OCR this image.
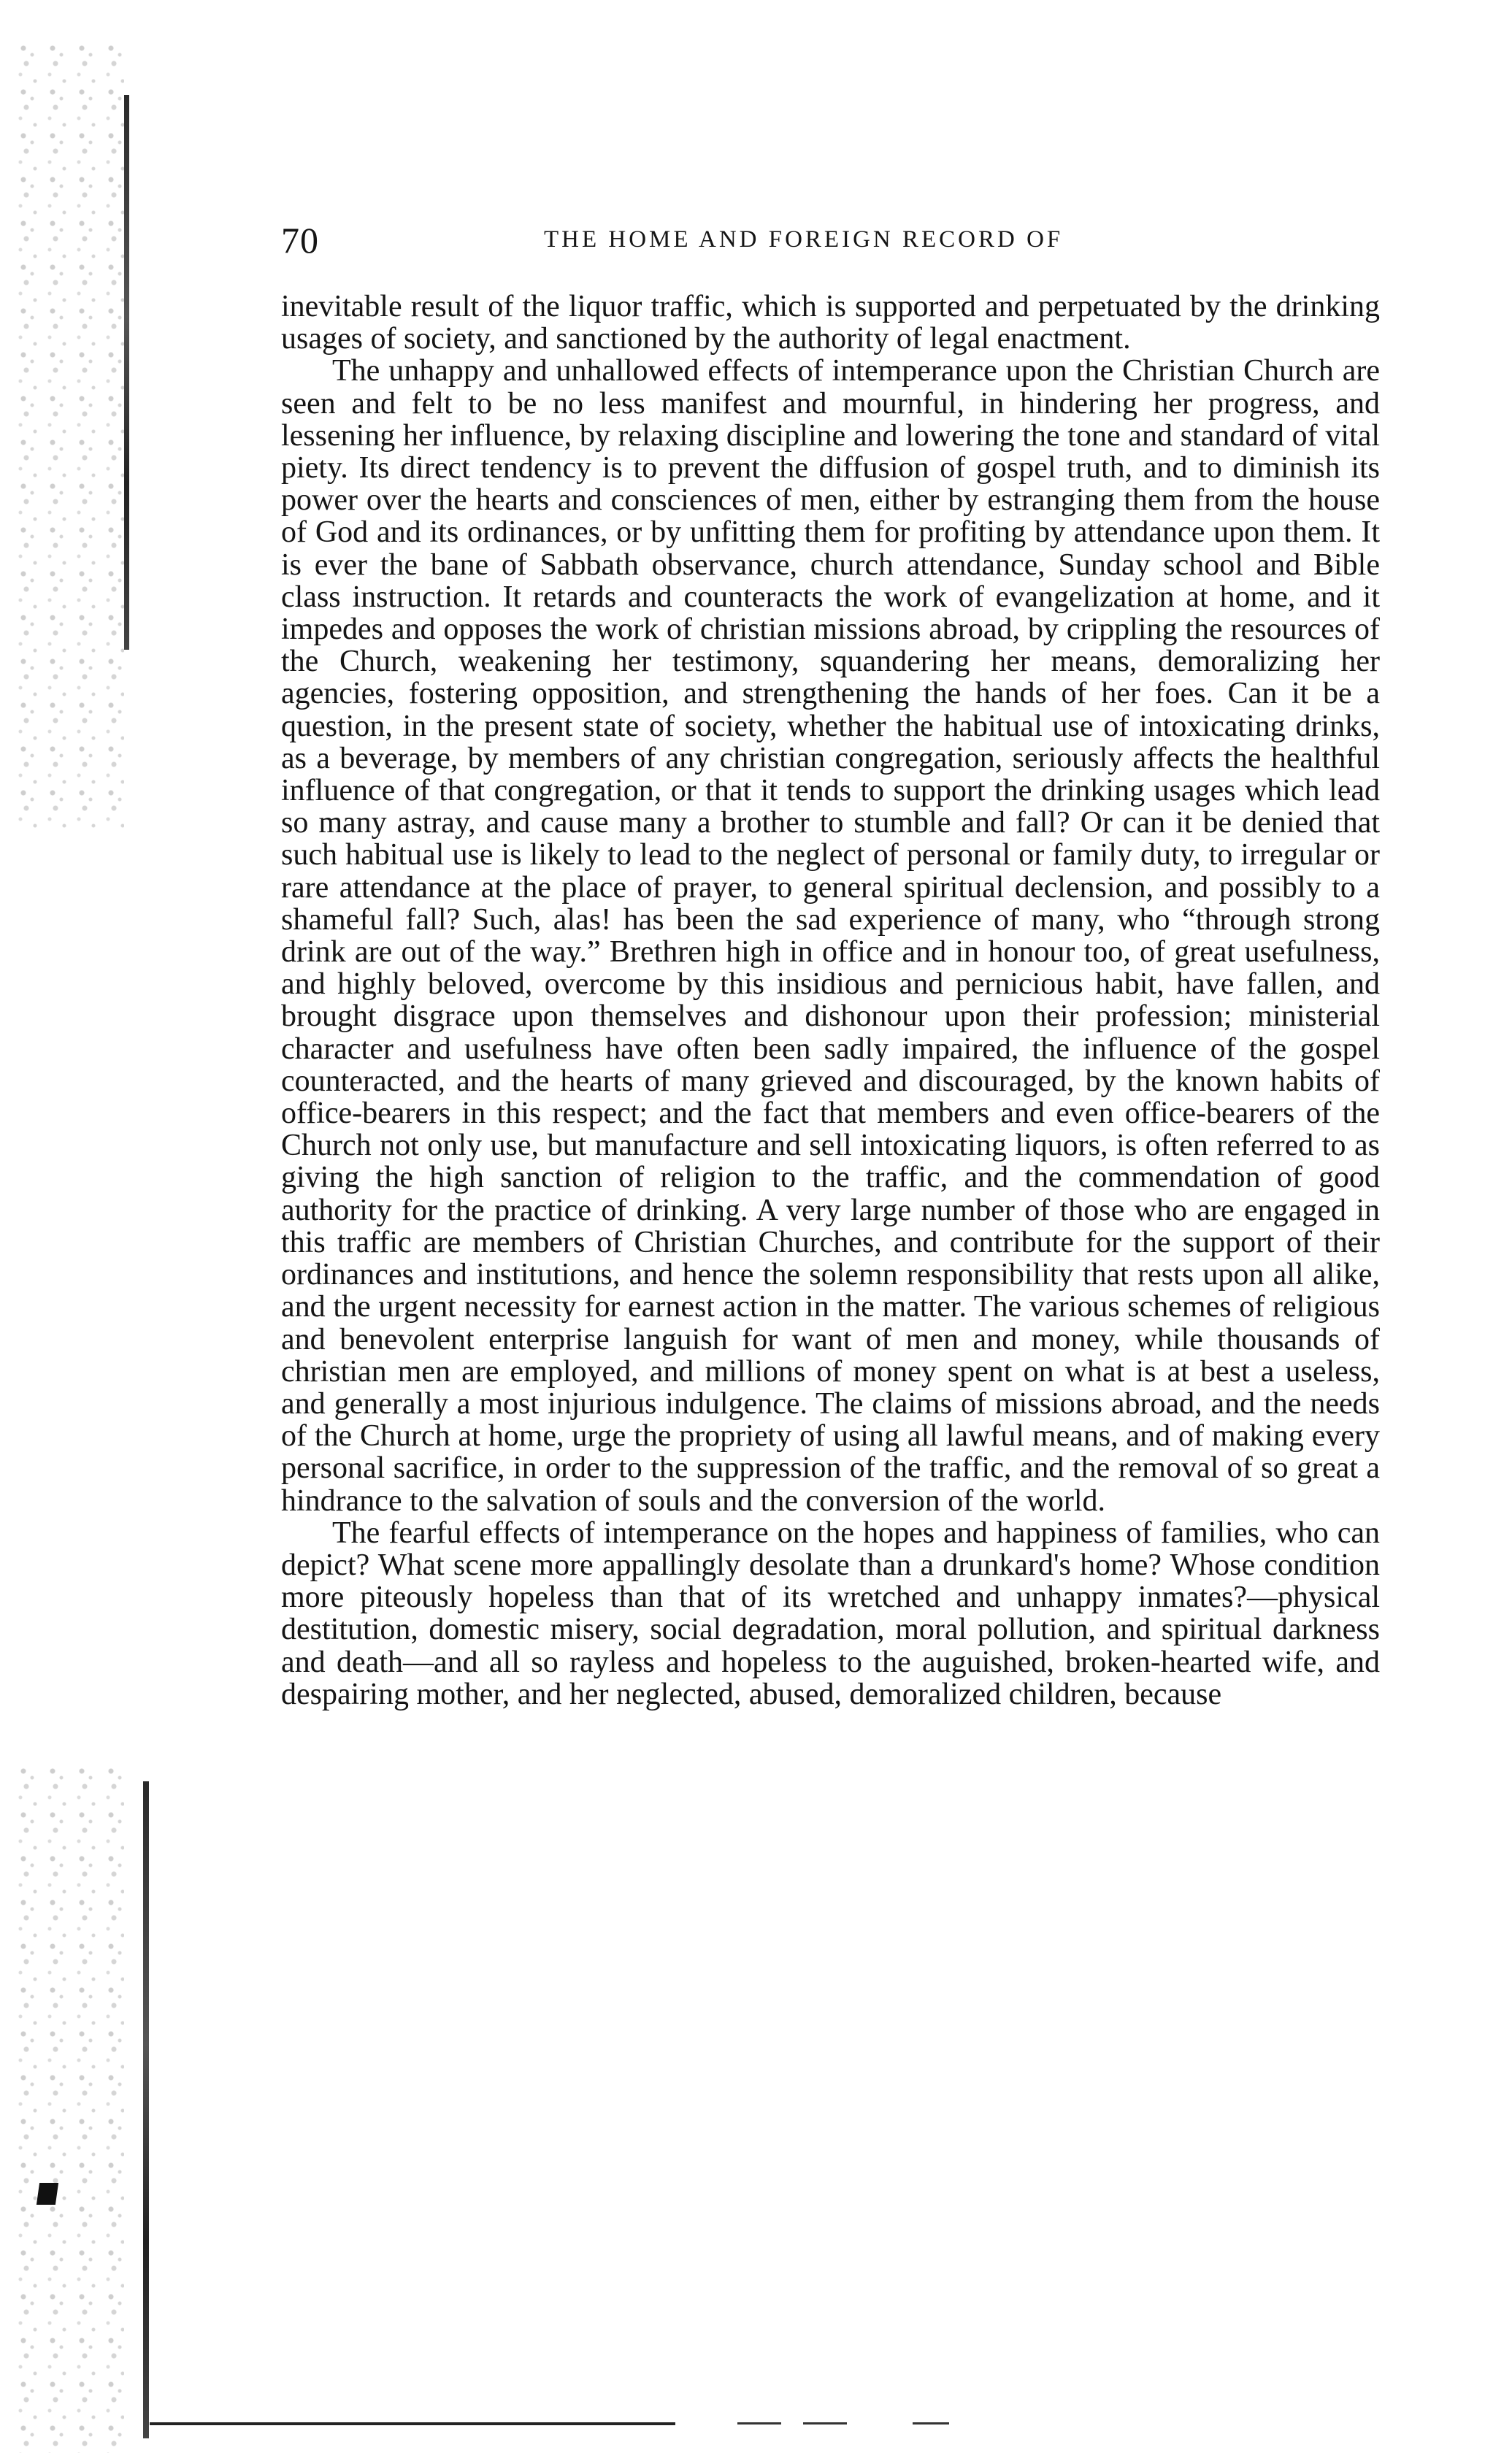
70	THE HOME AND FOREIGN RECORD OF

inevitable result of the liquor traffic, which is supported and perpetuated by the drinking usages of society, and sanctioned by the authority of legal enactment.

The unhappy and unhallowed effects of intemperance upon the Christian Church are seen and felt to be no less manifest and mournful, in hindering her progress, and lessening her influence, by relaxing discipline and lowering the tone and standard of vital piety. Its direct tendency is to prevent the diffusion of gospel truth, and to diminish its power over the hearts and consciences of men, either by estranging them from the house of God and its ordinances, or by unfitting them for profiting by attendance upon them. It is ever the bane of Sabbath observance, church attendance, Sunday school and Bible class instruction. It retards and counteracts the work of evangelization at home, and it impedes and opposes the work of christian missions abroad, by crippling the resources of the Church, weakening her testimony, squandering her means, demoralizing her agencies, fostering opposition, and strengthening the hands of her foes. Can it be a question, in the present state of society, whether the habitual use of intoxicating drinks, as a beverage, by members of any christian congregation, seriously affects the healthful influence of that congregation, or that it tends to support the drinking usages which lead so many astray, and cause many a brother to stumble and fall? Or can it be denied that such habitual use is likely to lead to the neglect of personal or family duty, to irregular or rare attendance at the place of prayer, to general spiritual declension, and possibly to a shameful fall? Such, alas! has been the sad experience of many, who “through strong drink are out of the way.” Brethren high in office and in honour too, of great usefulness, and highly beloved, overcome by this insidious and pernicious habit, have fallen, and brought disgrace upon themselves and dishonour upon their profession; ministerial character and usefulness have often been sadly impaired, the influence of the gospel counteracted, and the hearts of many grieved and discouraged, by the known habits of office-bearers in this respect; and the fact that members and even office-bearers of the Church not only use, but manufacture and sell intoxicating liquors, is often referred to as giving the high sanction of religion to the traffic, and the commendation of good authority for the practice of drinking. A very large number of those who are engaged in this traffic are members of Christian Churches, and contribute for the support of their ordinances and institutions, and hence the solemn responsibility that rests upon all alike, and the urgent necessity for earnest action in the matter. The various schemes of religious and benevolent enterprise languish for want of men and money, while thousands of christian men are employed, and millions of money spent on what is at best a useless, and generally a most injurious indulgence. The claims of missions abroad, and the needs of the Church at home, urge the propriety of using all lawful means, and of making every personal sacrifice, in order to the suppression of the traffic, and the removal of so great a hindrance to the salvation of souls and the conversion of the world.

The fearful effects of intemperance on the hopes and happiness of families, who can depict? What scene more appallingly desolate than a drunkard's home? Whose condition more piteously hopeless than that of its wretched and unhappy inmates?—physical destitution, domestic misery, social degradation, moral pollution, and spiritual darkness and death—and all so rayless and hopeless to the auguished, broken-hearted wife, and despairing mother, and her neglected, abused, demoralized children, because
